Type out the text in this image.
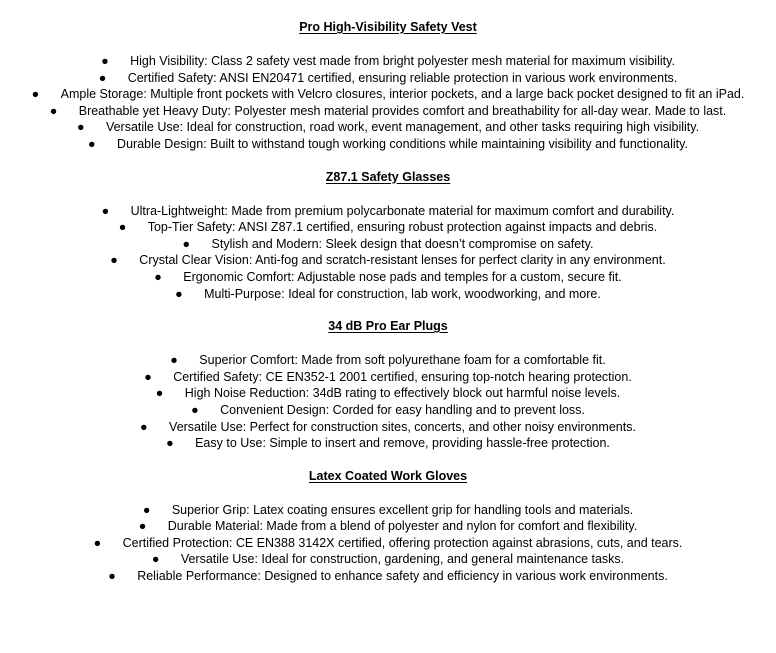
Pro High-Visibility Safety Vest
● High Visibility: Class 2 safety vest made from bright polyester mesh material for maximum visibility.
● Certified Safety: ANSI EN20471 certified, ensuring reliable protection in various work environments.
● Ample Storage: Multiple front pockets with Velcro closures, interior pockets, and a large back pocket designed to fit an iPad.
● Breathable yet Heavy Duty: Polyester mesh material provides comfort and breathability for all-day wear. Made to last.
● Versatile Use: Ideal for construction, road work, event management, and other tasks requiring high visibility.
● Durable Design: Built to withstand tough working conditions while maintaining visibility and functionality.
Z87.1 Safety Glasses
● Ultra-Lightweight: Made from premium polycarbonate material for maximum comfort and durability.
● Top-Tier Safety: ANSI Z87.1 certified, ensuring robust protection against impacts and debris.
● Stylish and Modern: Sleek design that doesn’t compromise on safety.
● Crystal Clear Vision: Anti-fog and scratch-resistant lenses for perfect clarity in any environment.
● Ergonomic Comfort: Adjustable nose pads and temples for a custom, secure fit.
● Multi-Purpose: Ideal for construction, lab work, woodworking, and more.
34 dB Pro Ear Plugs
● Superior Comfort: Made from soft polyurethane foam for a comfortable fit.
● Certified Safety: CE EN352-1 2001 certified, ensuring top-notch hearing protection.
● High Noise Reduction: 34dB rating to effectively block out harmful noise levels.
● Convenient Design: Corded for easy handling and to prevent loss.
● Versatile Use: Perfect for construction sites, concerts, and other noisy environments.
● Easy to Use: Simple to insert and remove, providing hassle-free protection.
Latex Coated Work Gloves
● Superior Grip: Latex coating ensures excellent grip for handling tools and materials.
● Durable Material: Made from a blend of polyester and nylon for comfort and flexibility.
● Certified Protection: CE EN388 3142X certified, offering protection against abrasions, cuts, and tears.
● Versatile Use: Ideal for construction, gardening, and general maintenance tasks.
● Reliable Performance: Designed to enhance safety and efficiency in various work environments.
